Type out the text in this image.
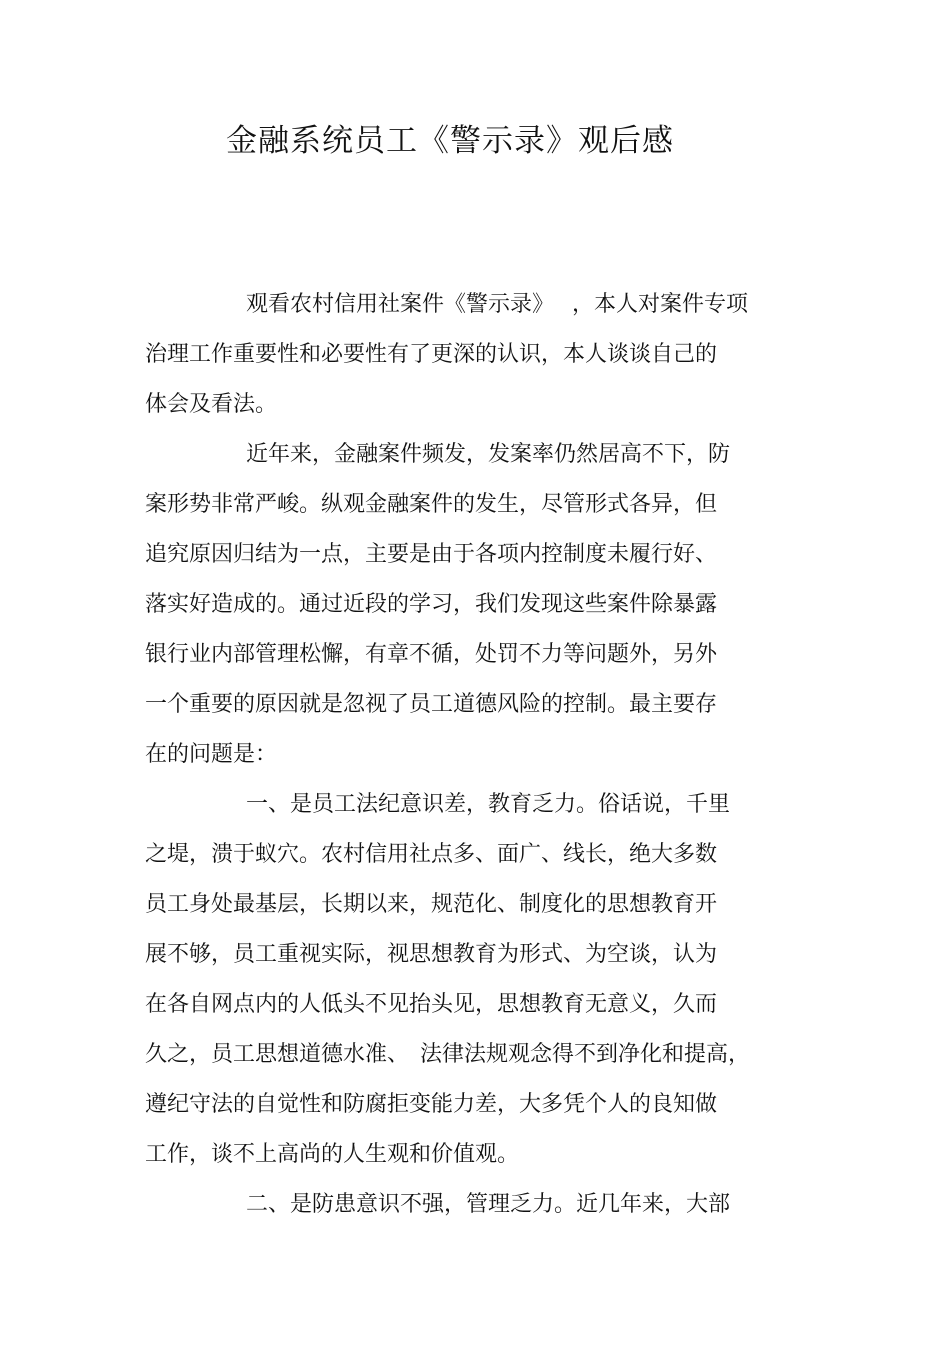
金融系统员工《警示录》观后感
观看农村信用社案件《警示录》　 ，本人对案件专项
治理工作重要性和必要性有了更深的认识，本人谈谈自己的
体会及看法。
近年来，金融案件频发，发案率仍然居高不下，防
案形势非常严峻。纵观金融案件的发生，尽管形式各异，但
追究原因归结为一点，主要是由于各项内控制度未履行好、
落实好造成的。通过近段的学习，我们发现这些案件除暴露
银行业内部管理松懈，有章不循，处罚不力等问题外，另外
一个重要的原因就是忽视了员工道德风险的控制。最主要存
在的问题是：
一、是员工法纪意识差，教育乏力。俗话说，千里
之堤，溃于蚁穴。农村信用社点多、面广、线长，绝大多数
员工身处最基层，长期以来，规范化、制度化的思想教育开
展不够，员工重视实际，视思想教育为形式、为空谈，认为
在各自网点内的人低头不见抬头见，思想教育无意义，久而
久之，员工思想道德水准、　法律法规观念得不到净化和提高，
遵纪守法的自觉性和防腐拒变能力差，大多凭个人的良知做
工作，谈不上高尚的人生观和价值观。
二、是防患意识不强，管理乏力。近几年来，大部
